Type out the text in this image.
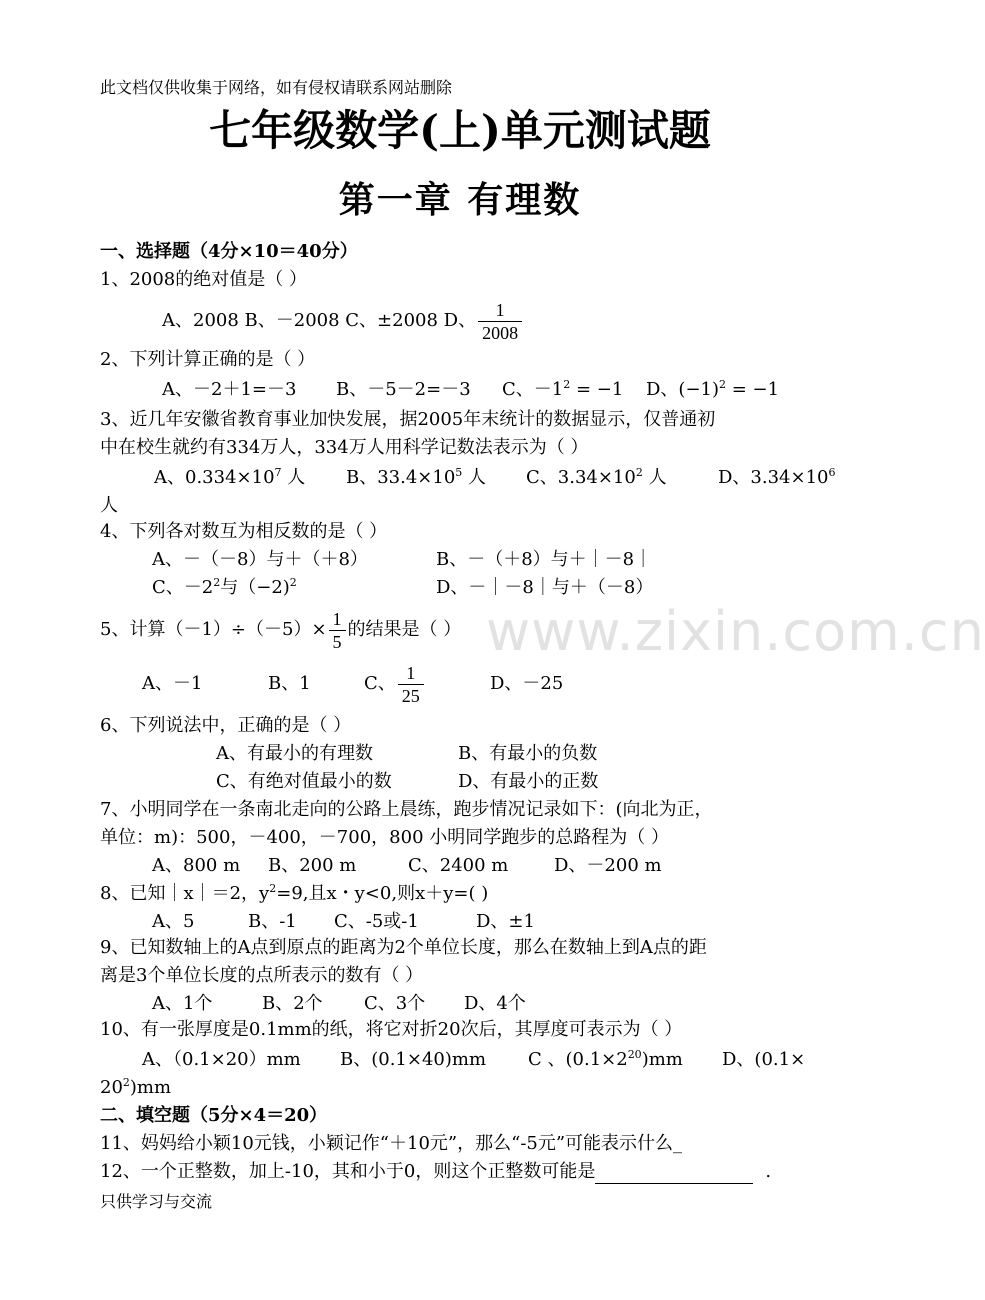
www.zixin.com.cn
此文档仅供收集于网络，如有侵权请联系网站删除
七年级数学(上)单元测试题
第一章 有理数
一、选择题（4分×10＝40分）
1、2008的绝对值是（ ）
A、2008 B、－2008 C、±2008 D、 $\frac{1}{2008}$
2、下列计算正确的是（ ）
A、－2＋1=－3 B、－5－2=－3 C、$-1^2 = -1$ D、$(-1)^2 = -1$
3、近几年安徽省教育事业加快发展，据2005年末统计的数据显示，仅普通初
中在校生就约有334万人，334万人用科学记数法表示为（ ）
A、$0.334\times 10^7$ 人 B、$33.4\times 10^5$ 人 C、$3.34\times 10^2$ 人	D、$3.34\times 10^6$
人
4、下列各对数互为相反数的是（ ）
A、－（－8）与＋（＋8）	B、－（＋8）与＋｜－8｜
C、$-2^2$与（−2)$^2$	D、－｜－8｜与＋（－8）
5、计算$(-1)\div(-5)\times \frac{1}{5}$ 的结果是（ ）
A、－1	B、1	C、 $\frac{1}{25}$	D、－25
6、下列说法中，正确的是（ ）
A、有最小的有理数	B、有最小的负数
C、有绝对值最小的数	D、有最小的正数
7、小明同学在一条南北走向的公路上晨练，跑步情况记录如下：(向北为正，
单位：m)：500，－400，－700，800 小明同学跑步的总路程为（ ）
A、800 m B、200 m	C、2400 m	D、－200 m
8、已知｜x｜＝2，$y^2=9$,且x・y<0,则x＋y=( )
A、5	B、-1 C、-5或-1	D、±1
9、已知数轴上的A点到原点的距离为2个单位长度，那么在数轴上到A点的距
离是3个单位长度的点所表示的数有（ ）
A、1个	B、2个 C、3个 D、4个
10、有一张厚度是0.1mm的纸，将它对折20次后，其厚度可表示为（ ）
A、（0.1×20）mm B、(0.1×40)mm C 、$(0.1\times 2^{20})mm$ D、(0.1×
$20^2)mm$
二、填空题（5分×4＝20）
11、妈妈给小颖10元钱，小颖记作“＋10元”，那么“-5元”可能表示什么_
12、一个正整数，加上-10，其和小于0，则这个正整数可能是	.
只供学习与交流
